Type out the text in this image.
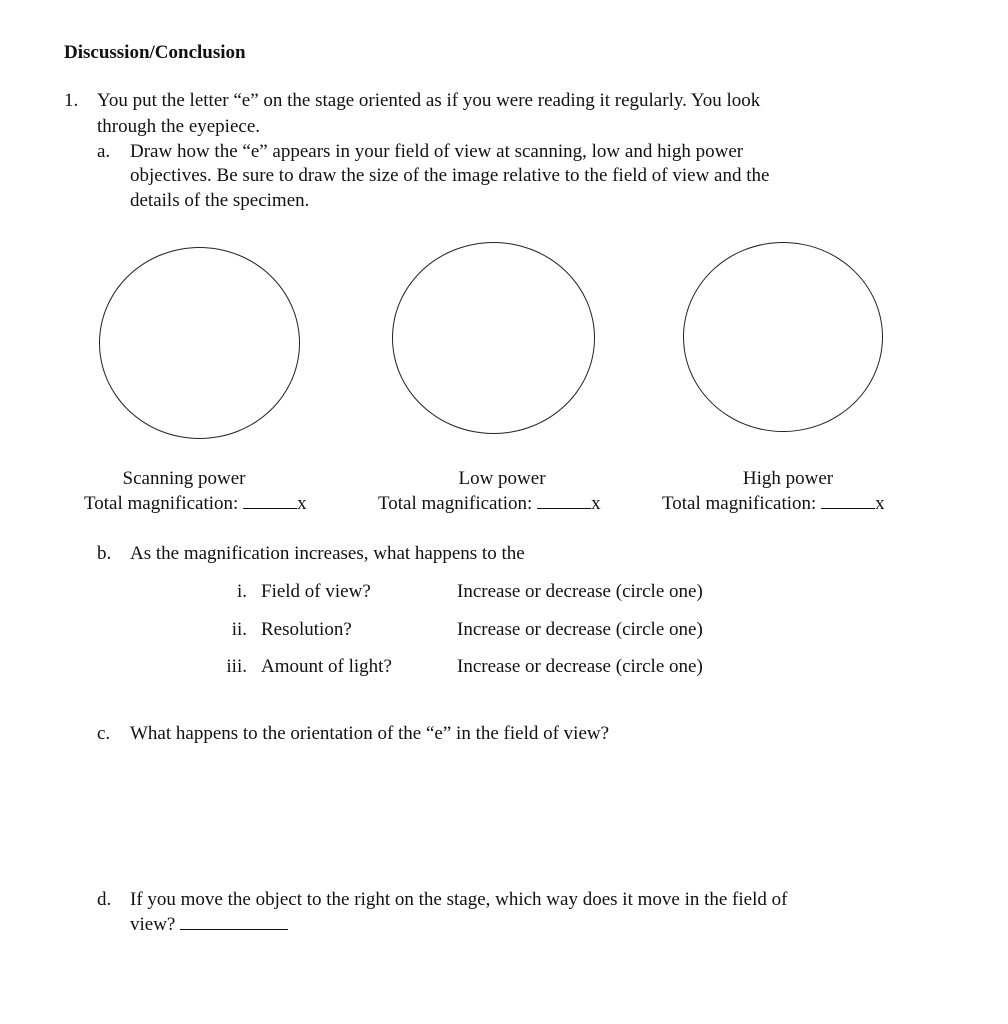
Discussion/Conclusion
1. You put the letter “e” on the stage oriented as if you were reading it regularly. You look
through the eyepiece.
a. Draw how the “e” appears in your field of view at scanning, low and high power
objectives. Be sure to draw the size of the image relative to the field of view and the
details of the specimen.
Scanning power
Total magnification:	x
Low power
Total magnification:	x
High power
Total magnification:	x
b. As the magnification increases, what happens to the
i. Field of view?	Increase or decrease (circle one)
ii. Resolution?	Increase or decrease (circle one)
iii. Amount of light?	Increase or decrease (circle one)
c. What happens to the orientation of the “e” in the field of view?
d. If you move the object to the right on the stage, which way does it move in the field of
view?
